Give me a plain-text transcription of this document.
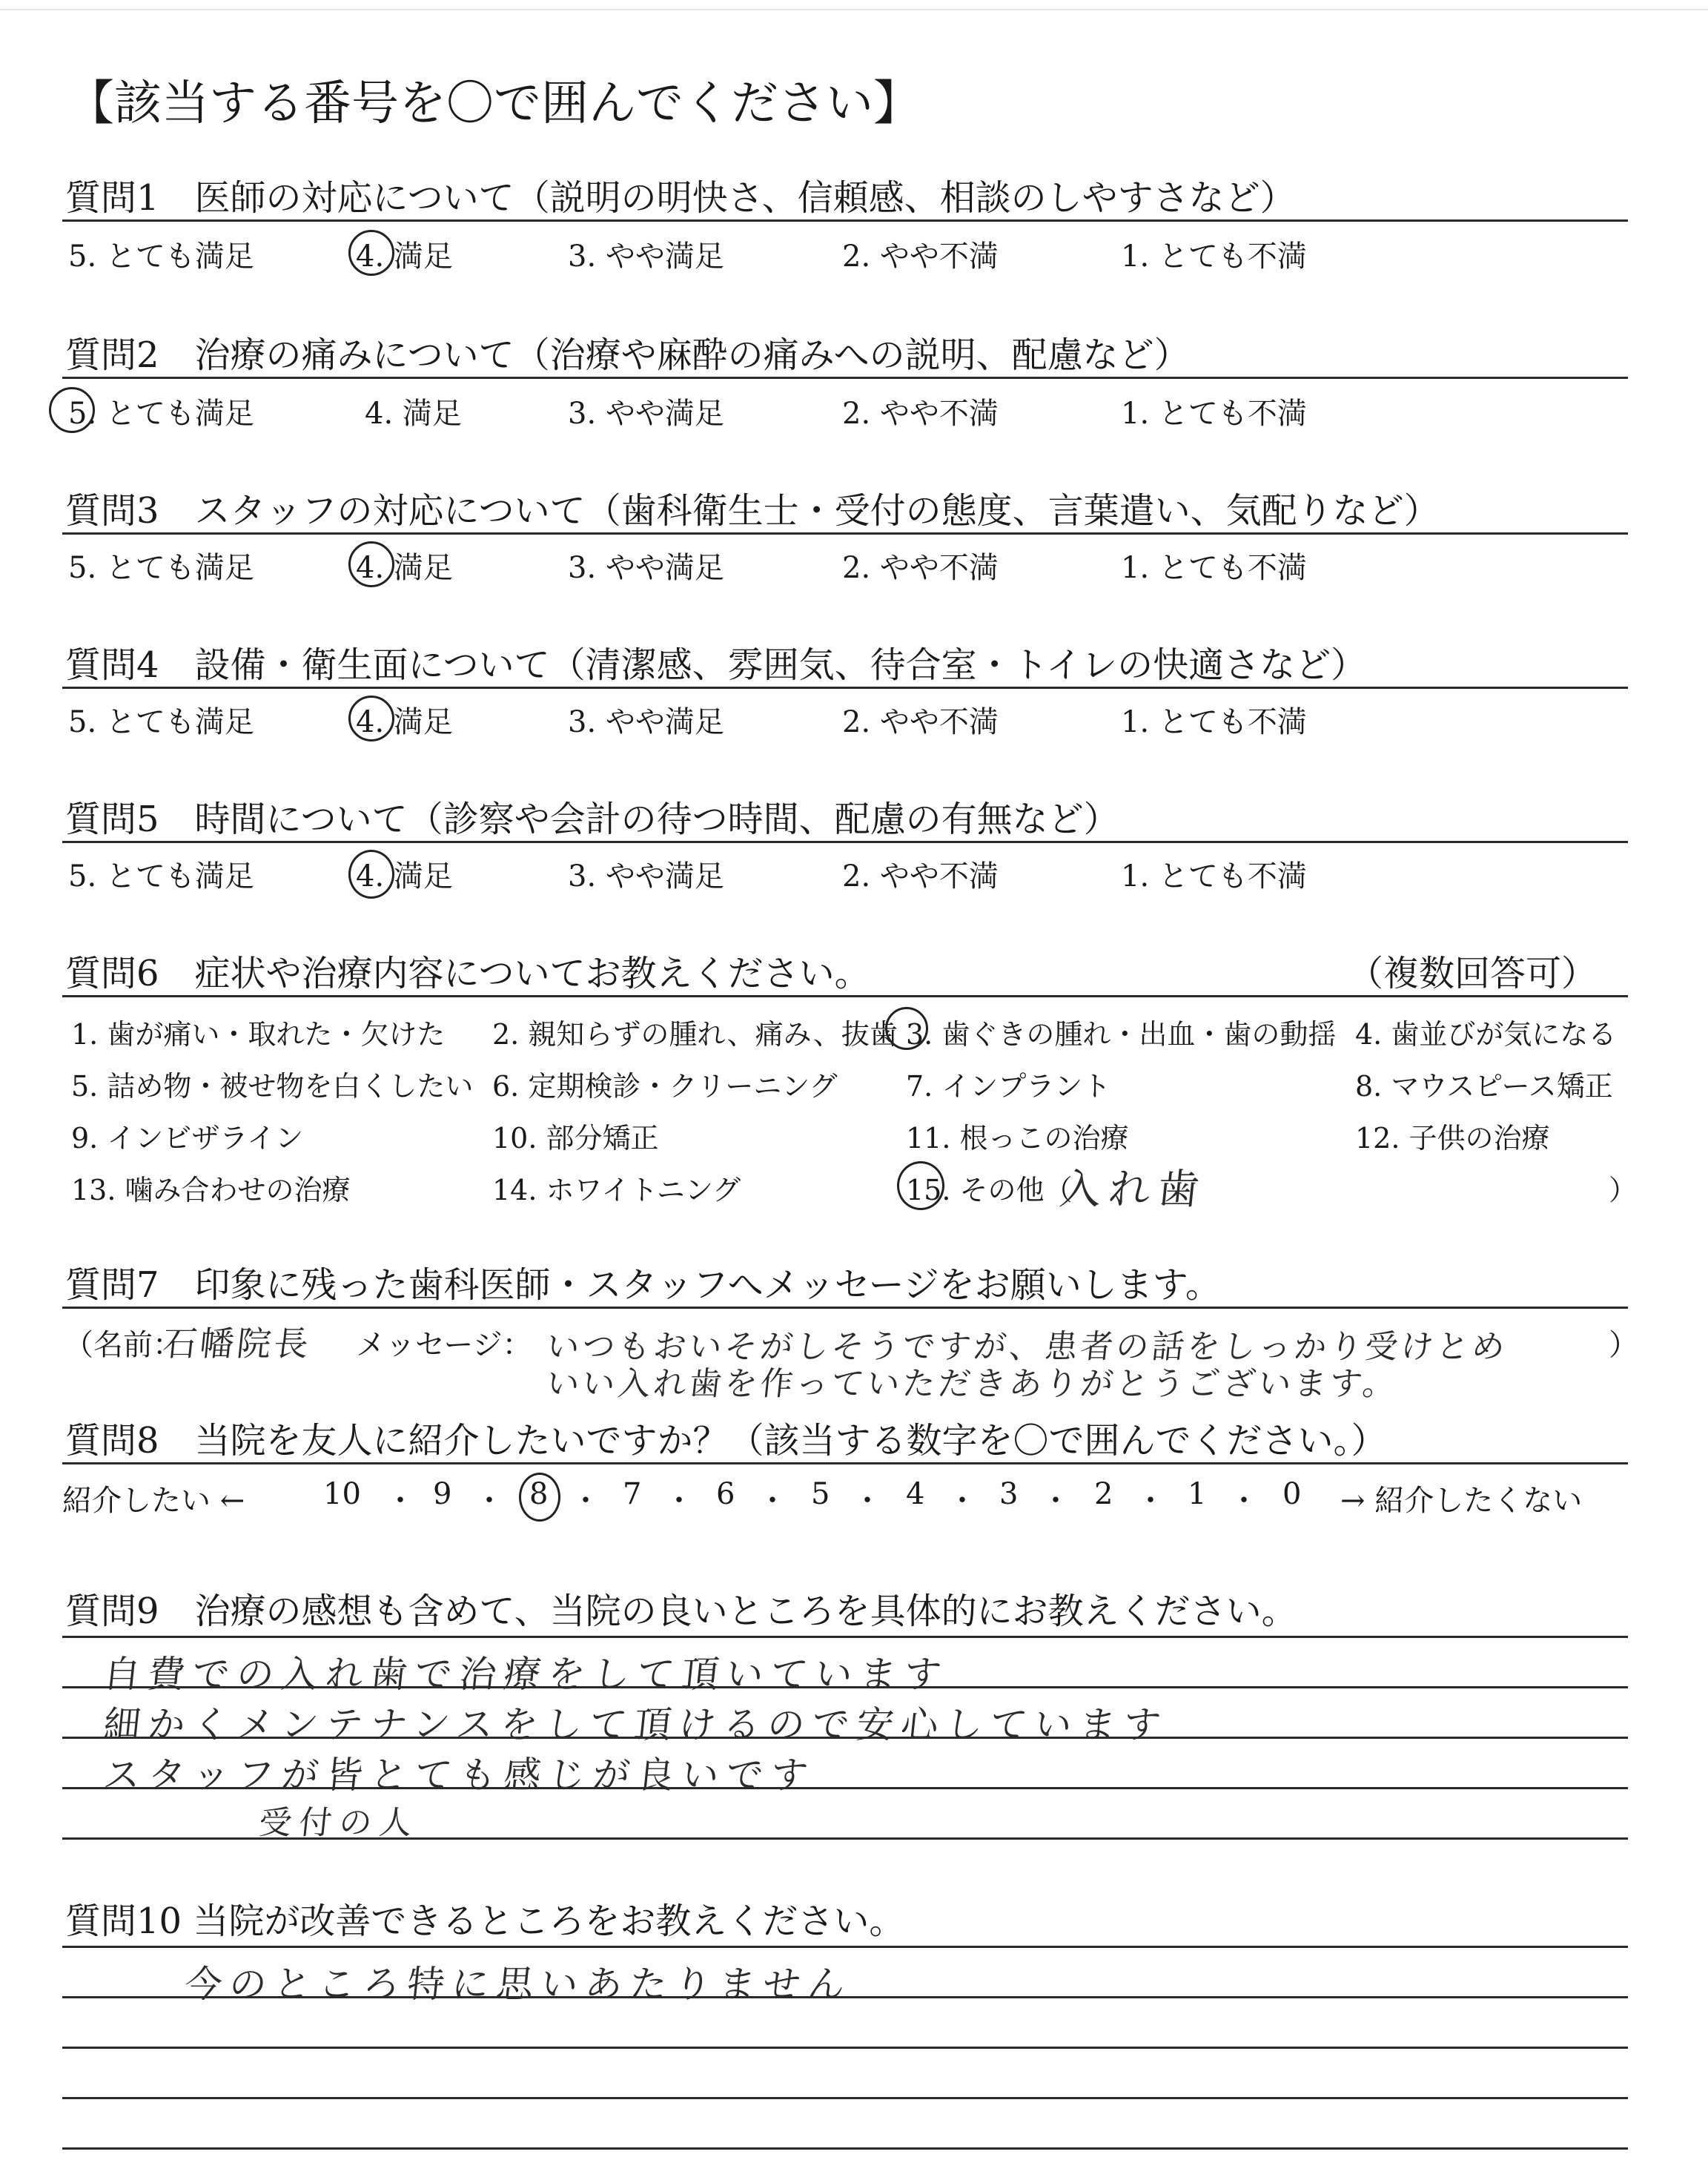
【該当する番号を〇で囲んでください】
質問1　医師の対応について（説明の明快さ、信頼感、相談のしやすさなど）
5. とても満足	4. 満足	3. やや満足	2. やや不満	1. とても不満
質問2　治療の痛みについて（治療や麻酔の痛みへの説明、配慮など）
5. とても満足	4. 満足	3. やや満足	2. やや不満	1. とても不満
質問3　スタッフの対応について（歯科衛生士・受付の態度、言葉遣い、気配りなど）
5. とても満足	4. 満足	3. やや満足	2. やや不満	1. とても不満
質問4　設備・衛生面について（清潔感、雰囲気、待合室・トイレの快適さなど）
5. とても満足	4. 満足	3. やや満足	2. やや不満	1. とても不満
質問5　時間について（診察や会計の待つ時間、配慮の有無など）
5. とても満足	4. 満足	3. やや満足	2. やや不満	1. とても不満
質問6　症状や治療内容についてお教えください。	（複数回答可）
1. 歯が痛い・取れた・欠けた 2. 親知らずの腫れ、痛み、抜歯 3. 歯ぐきの腫れ・出血・歯の動揺 4. 歯並びが気になる
5. 詰め物・被せ物を白くしたい 6. 定期検診・クリーニング 7. インプラント	8. マウスピース矯正
9. インビザライン	10. 部分矯正	11. 根っこの治療	12. 子供の治療
13. 噛み合わせの治療	14. ホワイトニング	15. その他（
入れ歯	）
質問7　印象に残った歯科医師・スタッフへメッセージをお願いします。
（名前：
石幡院長 メッセージ： いつもおいそがしそうですが、患者の話をしっかり受けとめ	）
いい入れ歯を作っていただきありがとうございます。
質問8　当院を友人に紹介したいですか？（該当する数字を〇で囲んでください。）
紹介したい ←	10 ・ 9 ・ 8 ・ 7 ・ 6 ・ 5 ・ 4 ・ 3 ・ 2 ・ 1 ・ 0 → 紹介したくない
質問9　治療の感想も含めて、当院の良いところを具体的にお教えください。
自費での入れ歯で治療をして頂いています
細かくメンテナンスをして頂けるので安心しています
スタッフが皆とても感じが良いです
受付の人
質問10 当院が改善できるところをお教えください。
今のところ特に思いあたりません
